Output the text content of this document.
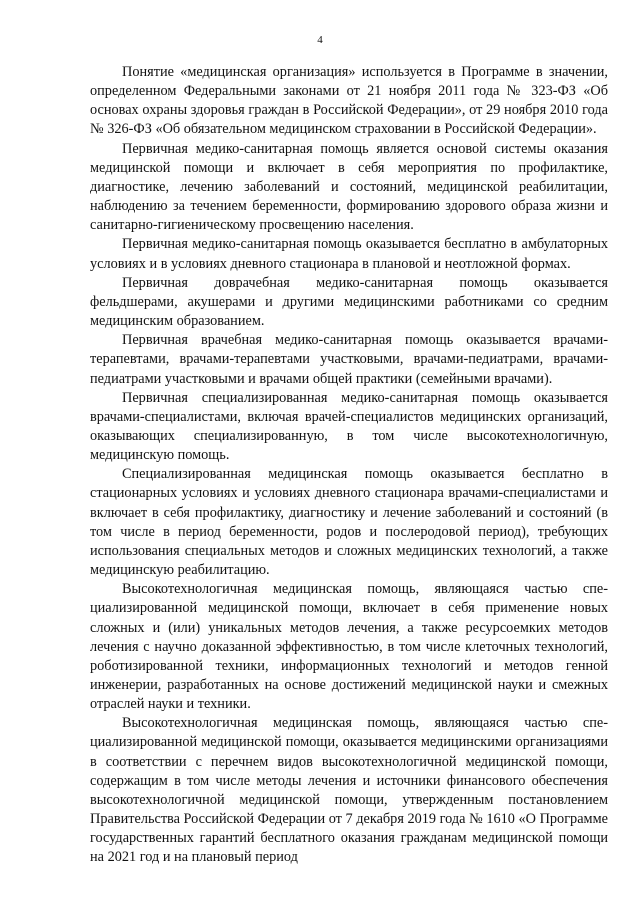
4

Понятие «медицинская организация» используется в Программе в значении, определенном Федеральными законами от 21 ноября 2011 года № 323-ФЗ «Об основах охраны здоровья граждан в Российской Федерации», от 29 ноября 2010 года № 326-ФЗ «Об обязательном медицинском страховании в Российской Федерации».

Первичная медико-санитарная помощь является основой системы оказания медицинской помощи и включает в себя мероприятия по профилактике, диагностике, лечению заболеваний и состояний, медицинской реабилитации, наблюдению за течением беременности, формированию здорового образа жизни и санитарно-гигиеническому просвещению населения.

Первичная медико-санитарная помощь оказывается бесплатно в амбулаторных условиях и в условиях дневного стационара в плановой и неотложной формах.

Первичная доврачебная медико-санитарная помощь оказывается фельдшерами, акушерами и другими медицинскими работниками со средним медицинским образованием.

Первичная врачебная медико-санитарная помощь оказывается врачами-терапевтами, врачами-терапевтами участковыми, врачами-педиатрами, врачами-педиатрами участковыми и врачами общей практики (семейными врачами).

Первичная специализированная медико-санитарная помощь оказывается врачами-специалистами, включая врачей-специалистов медицинских организаций, оказывающих специализированную, в том числе высокотехнологичную, медицинскую помощь.

Специализированная медицинская помощь оказывается бесплатно в стационарных условиях и условиях дневного стационара врачами-специалистами и включает в себя профилактику, диагностику и лечение заболеваний и состояний (в том числе в период беременности, родов и послеродовой период), требующих использования специальных методов и сложных медицинских технологий, а также медицинскую реабилитацию.

Высокотехнологичная медицинская помощь, являющаяся частью специализированной медицинской помощи, включает в себя применение новых сложных и (или) уникальных методов лечения, а также ресурсоемких методов лечения с научно доказанной эффективностью, в том числе клеточных технологий, роботизированной техники, информационных технологий и методов генной инженерии, разработанных на основе достижений медицинской науки и смежных отраслей науки и техники.

Высокотехнологичная медицинская помощь, являющаяся частью специализированной медицинской помощи, оказывается медицинскими организациями в соответствии с перечнем видов высокотехнологичной медицинской помощи, содержащим в том числе методы лечения и источники финансового обеспечения высокотехнологичной медицинской помощи, утвержденным постановлением Правительства Российской Федерации от 7 декабря 2019 года № 1610 «О Программе государственных гарантий бесплатного оказания гражданам медицинской помощи на 2021 год и на плановый период
